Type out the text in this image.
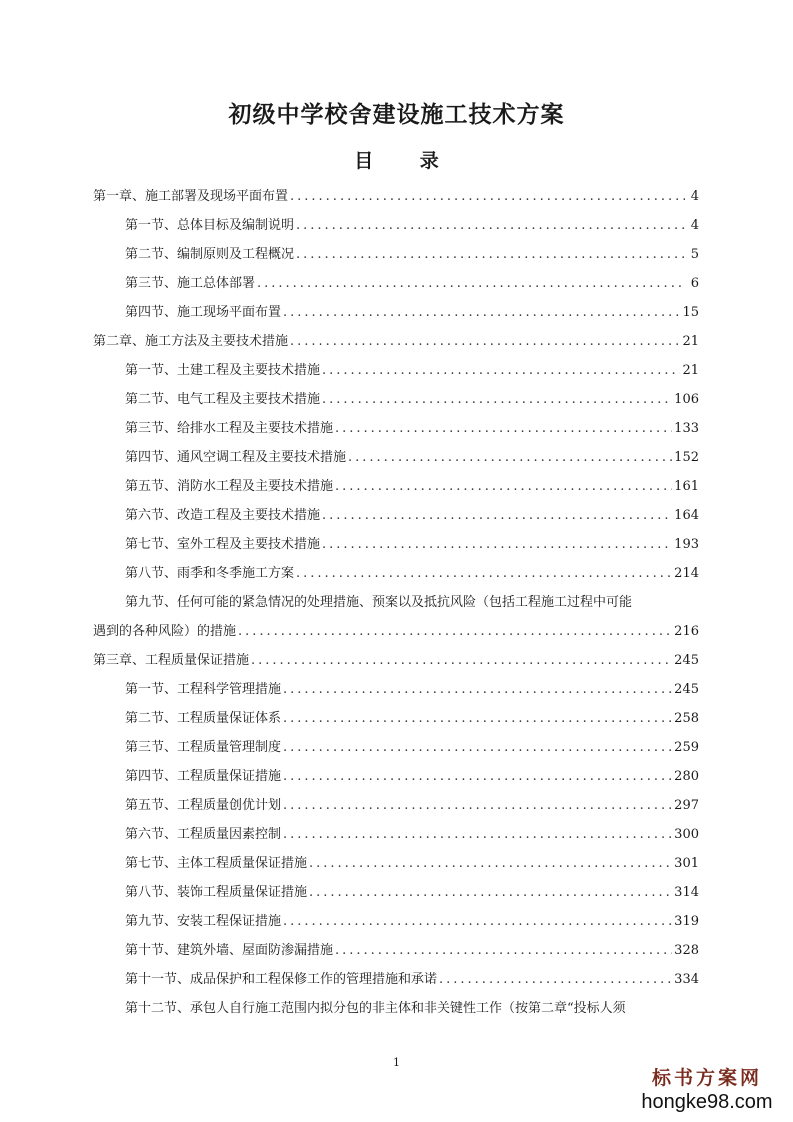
初级中学校舍建设施工技术方案
目 录
第一章、施工部署及现场平面布置 .....	4
第一节、总体目标及编制说明 .....	4
第二节、编制原则及工程概况 .....	5
第三节、施工总体部署 .....	6
第四节、施工现场平面布置 .....	15
第二章、施工方法及主要技术措施 .....	21
第一节、土建工程及主要技术措施 .....	21
第二节、电气工程及主要技术措施 .....	106
第三节、给排水工程及主要技术措施 .....	133
第四节、通风空调工程及主要技术措施 .....	152
第五节、消防水工程及主要技术措施 .....	161
第六节、改造工程及主要技术措施 .....	164
第七节、室外工程及主要技术措施 .....	193
第八节、雨季和冬季施工方案 .....	214
第九节、任何可能的紧急情况的处理措施、预案以及抵抗风险（包括工程施工过程中可能
遇到的各种风险）的措施 .....	216
第三章、工程质量保证措施 .....	245
第一节、工程科学管理措施 .....	245
第二节、工程质量保证体系 .....	258
第三节、工程质量管理制度 .....	259
第四节、工程质量保证措施 .....	280
第五节、工程质量创优计划 .....	297
第六节、工程质量因素控制 .....	300
第七节、主体工程质量保证措施 .....	301
第八节、装饰工程质量保证措施 .....	314
第九节、安装工程保证措施 .....	319
第十节、建筑外墙、屋面防渗漏措施 .....	328
第十一节、成品保护和工程保修工作的管理措施和承诺 .....	334
第十二节、承包人自行施工范围内拟分包的非主体和非关键性工作（按第二章“投标人须
1
标书方案网
hongke98.com
